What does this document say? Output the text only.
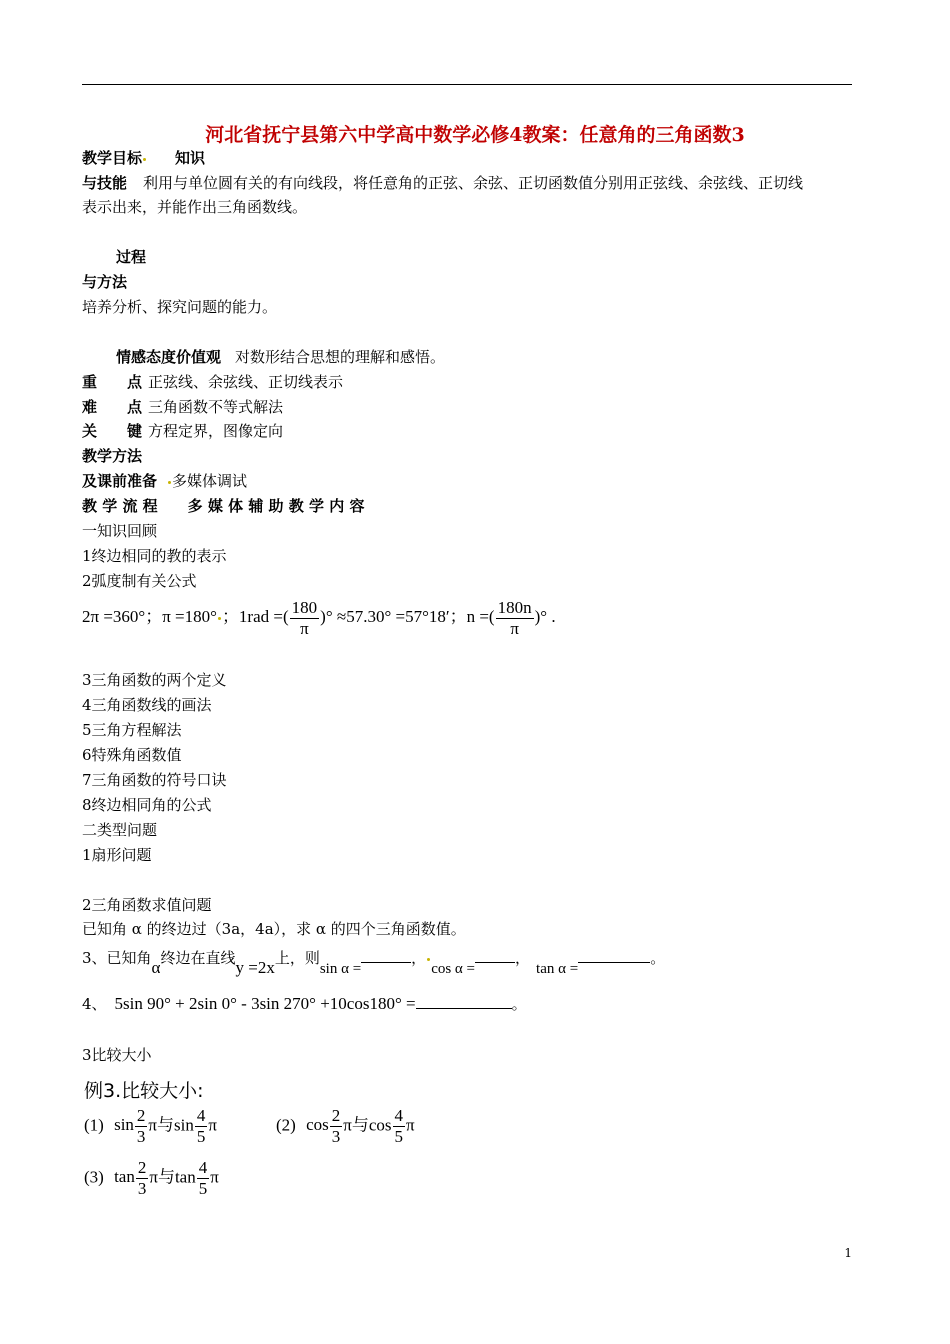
河北省抚宁县第六中学高中数学必修4教案：任意角的三角函数3
教学目标 知识
与技能 利用与单位圆有关的有向线段，将任意角的正弦、余弦、正切函数值分别用正弦线、余弦线、正切线
表示出来，并能作出三角函数线。
过程
与方法
培养分析、探究问题的能力。
情感态度价值观 对数形结合思想的理解和感悟。
重　　点 正弦线、余弦线、正切线表示
难　　点 三角函数不等式解法
关　　键 方程定界，图像定向
教学方法
及课前准备 多媒体调试
教 学 流 程 多 媒 体 辅 助 教 学 内 容
一知识回顾
1终边相同的教的表示
2弧度制有关公式
2π =360°；π =180° ；1rad =( $\frac{180}{\pi}$ )° ≈57.30° =57°18′；n =( $\frac{180n}{\pi}$ )° .
3三角函数的两个定义
4三角函数线的画法
5三角方程解法
6特殊角函数值
7三角函数的符号口诀
8终边相同角的公式
二类型问题
1扇形问题
2三角函数求值问题
已知角 α 的终边过（3a，4a），求 α 的四个三角函数值。
3、已知角α终边在直线y =2x上，则sin α =，cos α =，tan α =。
4、 5sin 90° + 2sin 0° - 3sin 270° +10cos180° =	。
3比较大小
例3.比较大小:
(1) $\sin \frac{2}{3}$ π与$\sin \frac{4}{5}$ π	(2) $\cos \frac{2}{3}$ π与$\cos \frac{4}{5}$ π
(3) $\tan \frac{2}{3}$ π与$\tan \frac{4}{5}$ π
1
